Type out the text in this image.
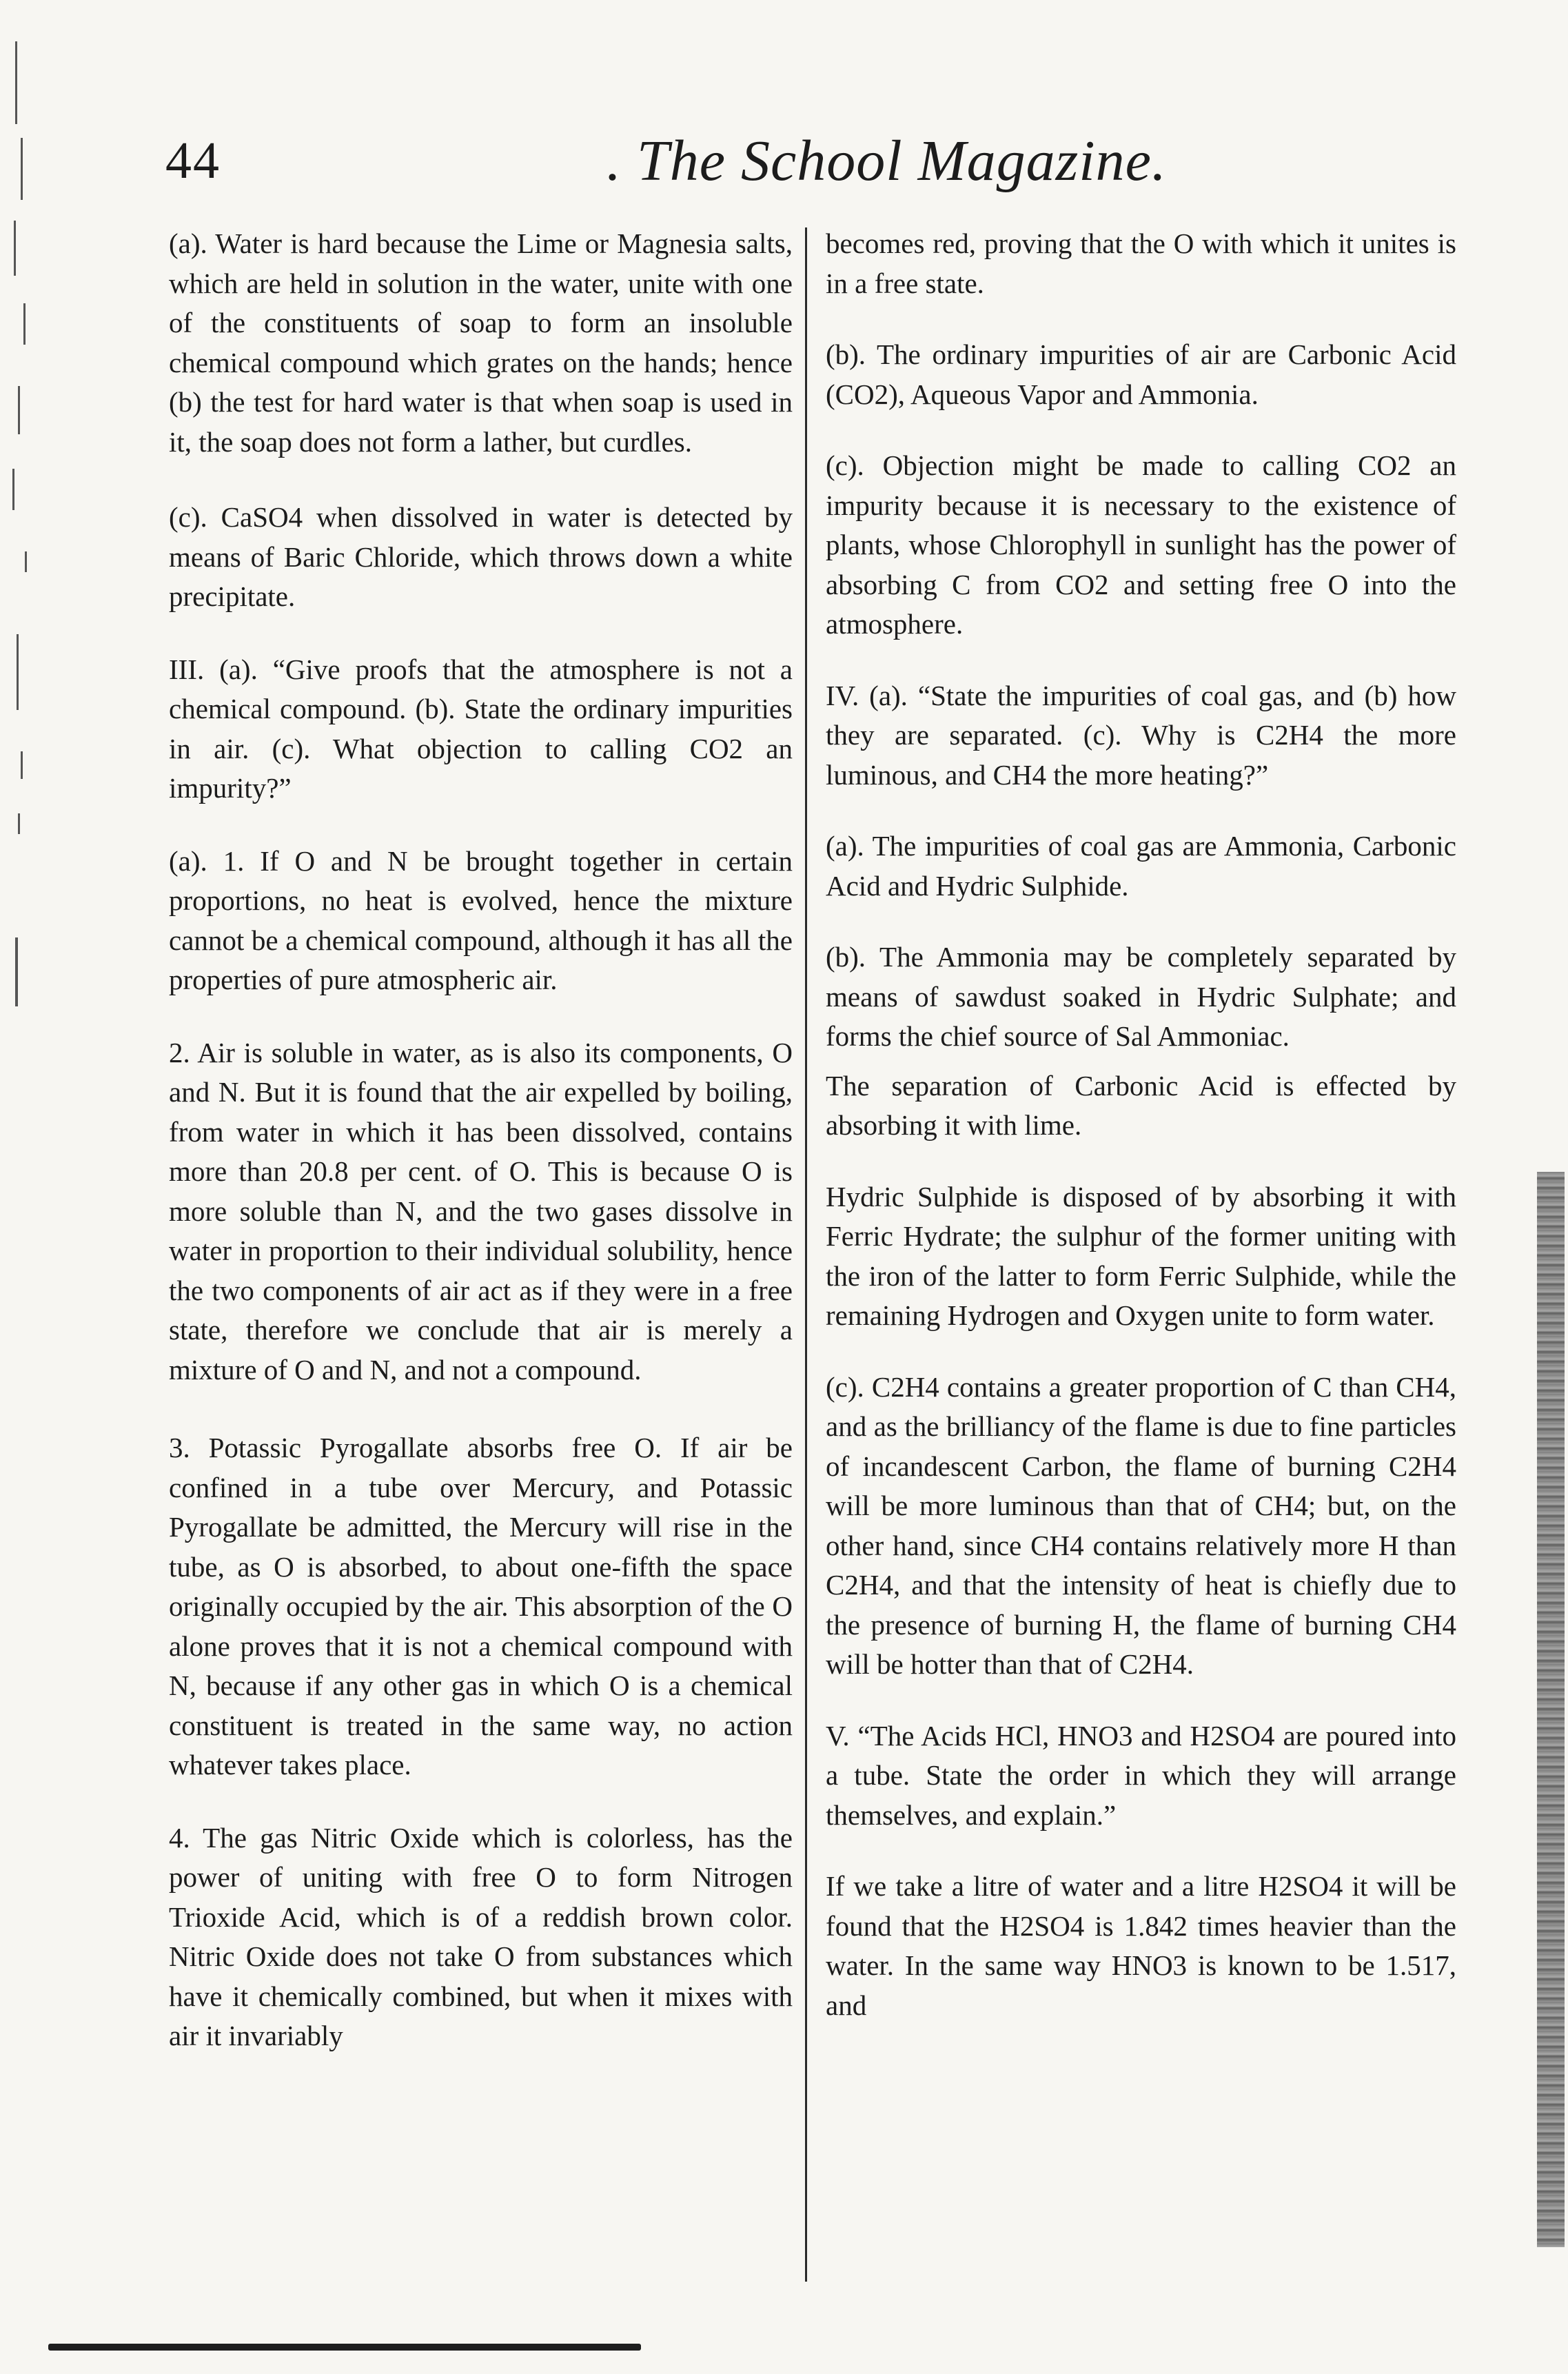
44	. The School Magazine.

(a). Water is hard because the Lime or Magnesia salts, which are held in solution in the water, unite with one of the constituents of soap to form an insoluble chemical compound which grates on the hands; hence (b) the test for hard water is that when soap is used in it, the soap does not form a lather, but curdles.

(c). CaSO4 when dissolved in water is detected by means of Baric Chloride, which throws down a white precipitate.

III. (a). “Give proofs that the atmosphere is not a chemical compound. (b). State the ordinary impurities in air. (c). What objection to calling CO2 an impurity?”

(a). 1. If O and N be brought together in certain proportions, no heat is evolved, hence the mixture cannot be a chemical compound, although it has all the properties of pure atmospheric air.

2. Air is soluble in water, as is also its components, O and N. But it is found that the air expelled by boiling, from water in which it has been dissolved, contains more than 20.8 per cent. of O. This is because O is more soluble than N, and the two gases dissolve in water in proportion to their individual solubility, hence the two components of air act as if they were in a free state, therefore we conclude that air is merely a mixture of O and N, and not a compound.

3. Potassic Pyrogallate absorbs free O. If air be confined in a tube over Mercury, and Potassic Pyrogallate be admitted, the Mercury will rise in the tube, as O is absorbed, to about one-fifth the space originally occupied by the air. This absorption of the O alone proves that it is not a chemical compound with N, because if any other gas in which O is a chemical constituent is treated in the same way, no action whatever takes place.

4. The gas Nitric Oxide which is colorless, has the power of uniting with free O to form Nitrogen Trioxide Acid, which is of a reddish brown color. Nitric Oxide does not take O from substances which have it chemically combined, but when it mixes with air it invariably

becomes red, proving that the O with which it unites is in a free state.

(b). The ordinary impurities of air are Carbonic Acid (CO2), Aqueous Vapor and Ammonia.

(c). Objection might be made to calling CO2 an impurity because it is necessary to the existence of plants, whose Chlorophyll in sunlight has the power of absorbing C from CO2 and setting free O into the atmosphere.

IV. (a). “State the impurities of coal gas, and (b) how they are separated. (c). Why is C2H4 the more luminous, and CH4 the more heating?”

(a). The impurities of coal gas are Ammonia, Carbonic Acid and Hydric Sulphide.

(b). The Ammonia may be completely separated by means of sawdust soaked in Hydric Sulphate; and forms the chief source of Sal Ammoniac.

The separation of Carbonic Acid is effected by absorbing it with lime.

Hydric Sulphide is disposed of by absorbing it with Ferric Hydrate; the sulphur of the former uniting with the iron of the latter to form Ferric Sulphide, while the remaining Hydrogen and Oxygen unite to form water.

(c). C2H4 contains a greater proportion of C than CH4, and as the brilliancy of the flame is due to fine particles of incandescent Carbon, the flame of burning C2H4 will be more luminous than that of CH4; but, on the other hand, since CH4 contains relatively more H than C2H4, and that the intensity of heat is chiefly due to the presence of burning H, the flame of burning CH4 will be hotter than that of C2H4.

V. “The Acids HCl, HNO3 and H2SO4 are poured into a tube. State the order in which they will arrange themselves, and explain.”

If we take a litre of water and a litre H2SO4 it will be found that the H2SO4 is 1.842 times heavier than the water. In the same way HNO3 is known to be 1.517, and
